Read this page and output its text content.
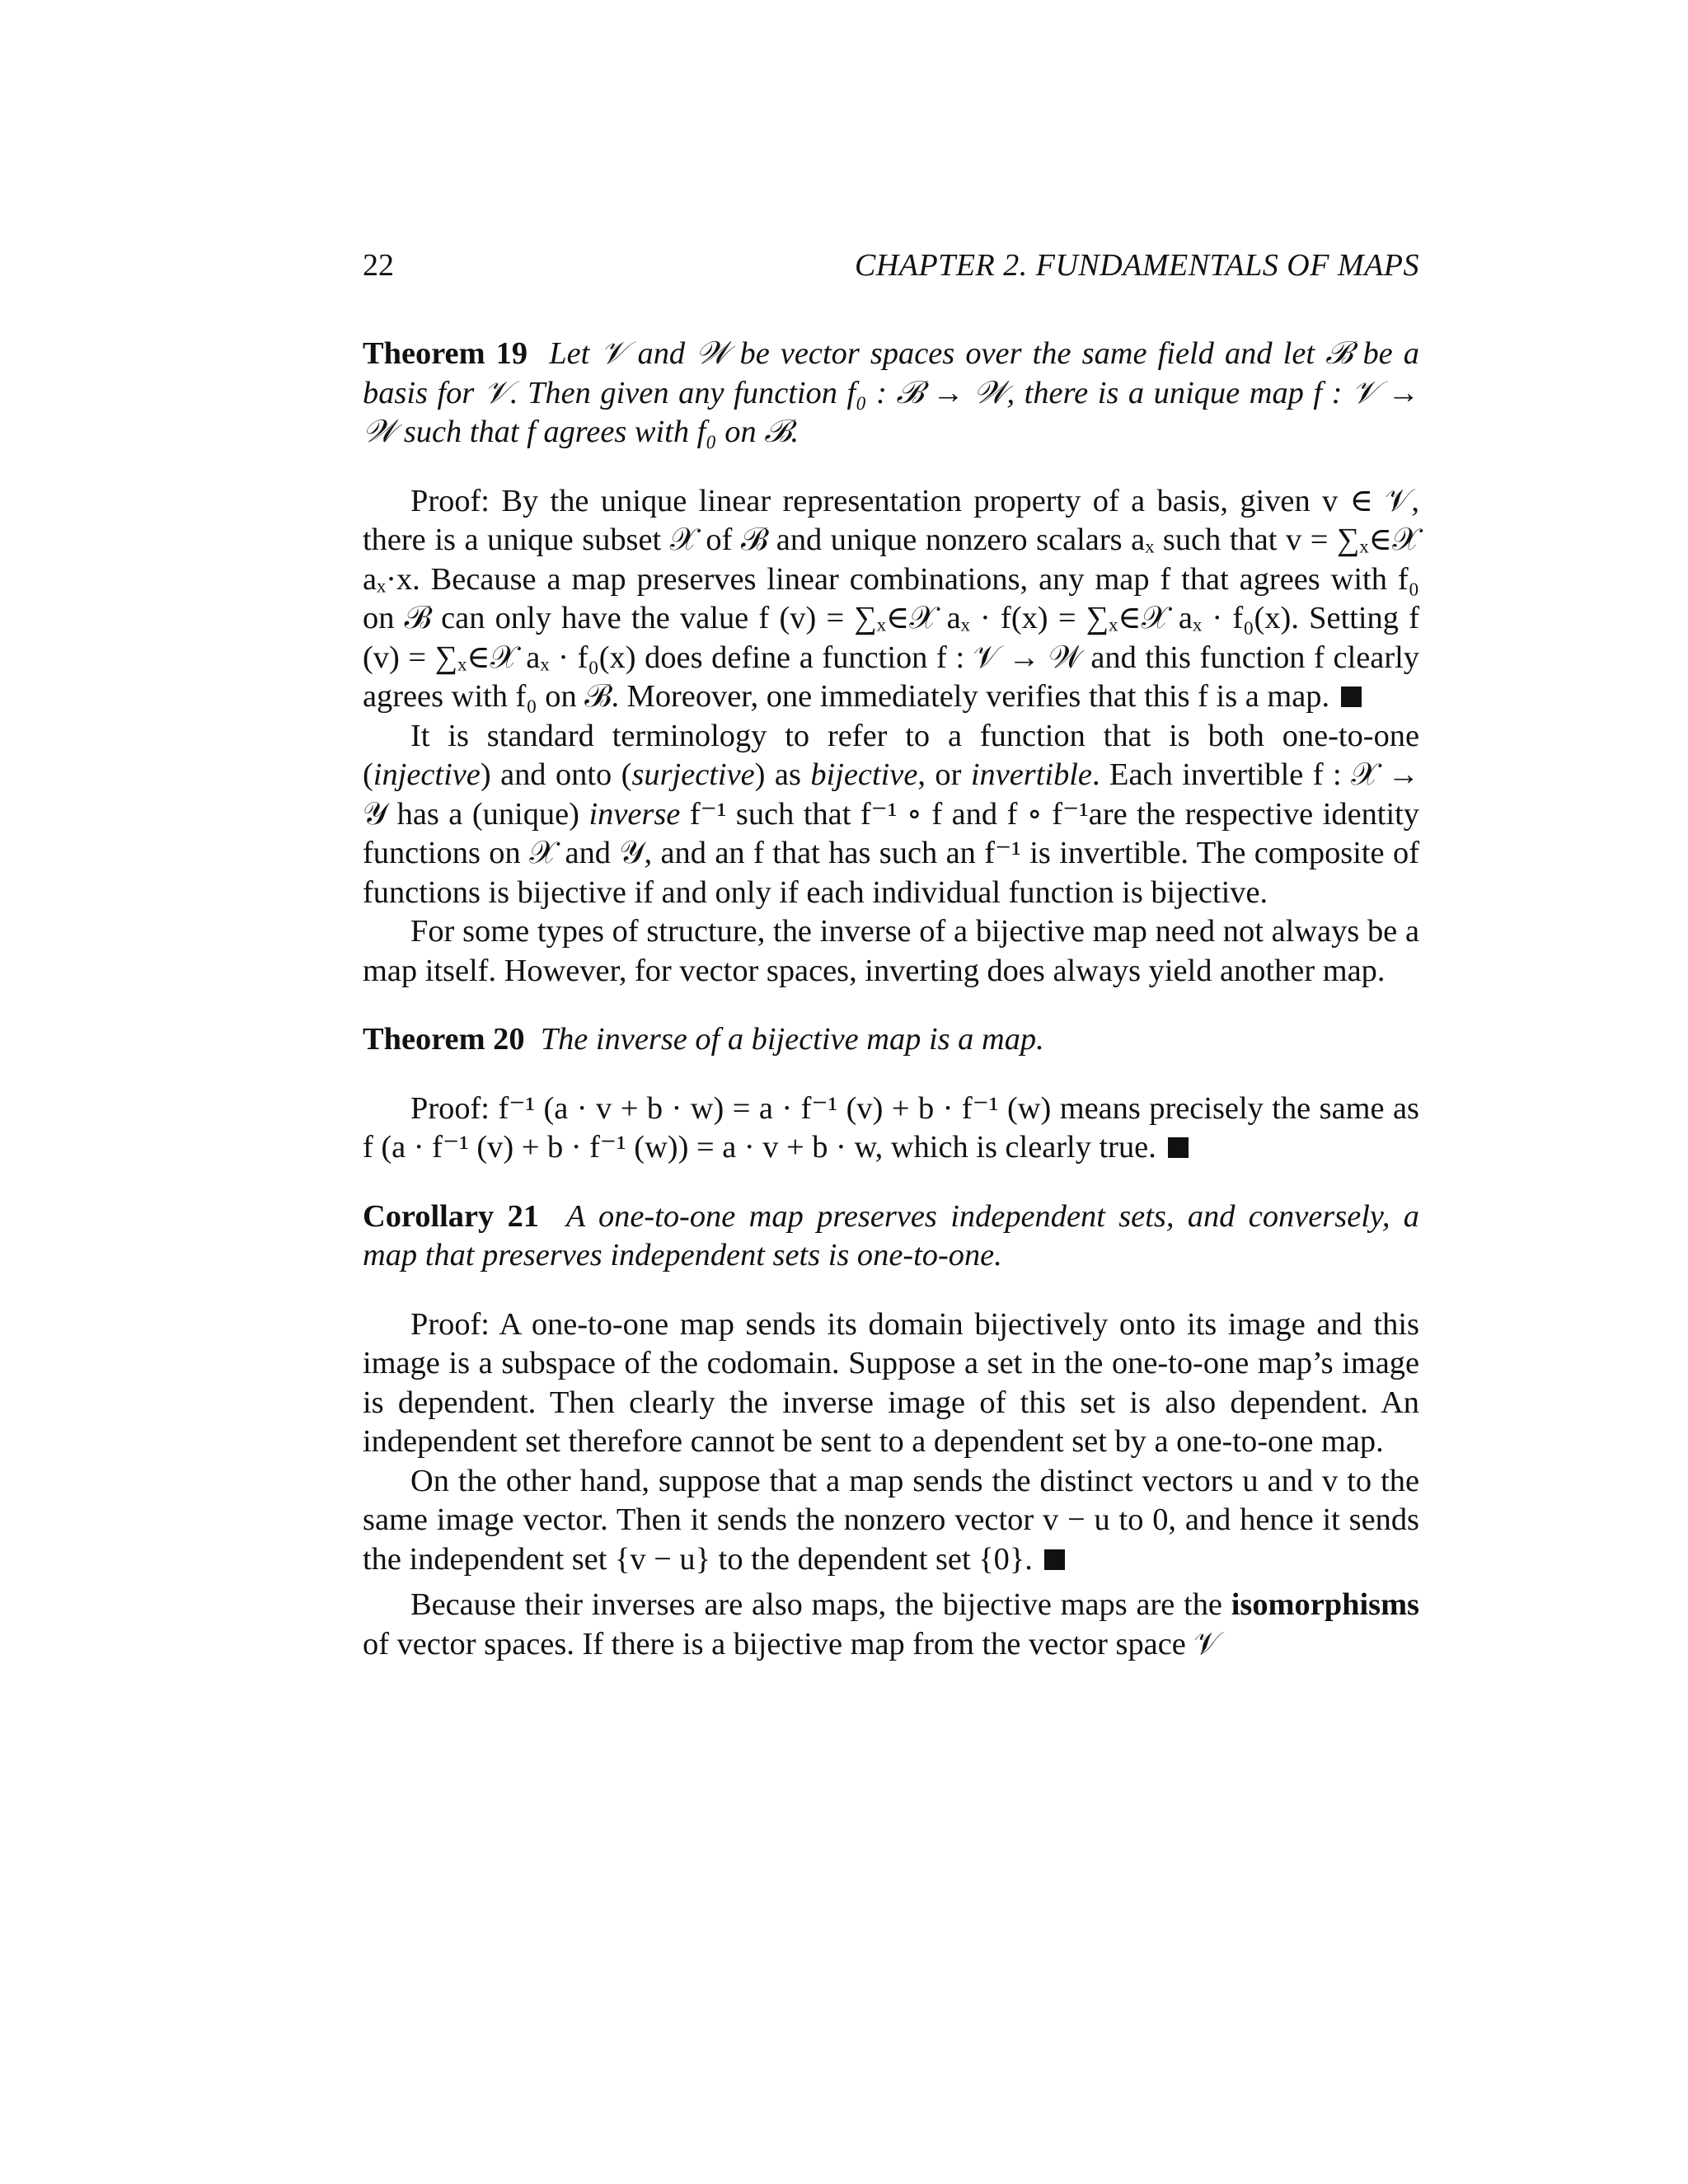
22	CHAPTER 2. FUNDAMENTALS OF MAPS

Theorem 19 Let 𝒱 and 𝒲 be vector spaces over the same field and let ℬ be a basis for 𝒱. Then given any function f₀ : ℬ → 𝒲, there is a unique map f : 𝒱 → 𝒲 such that f agrees with f₀ on ℬ.

Proof: By the unique linear representation property of a basis, given v ∈ 𝒱, there is a unique subset 𝒳 of ℬ and unique nonzero scalars aₓ such that v = ∑ₓ∈𝒳 aₓ·x. Because a map preserves linear combinations, any map f that agrees with f₀ on ℬ can only have the value f (v) = ∑ₓ∈𝒳 aₓ · f(x) = ∑ₓ∈𝒳 aₓ · f₀(x). Setting f (v) = ∑ₓ∈𝒳 aₓ · f₀(x) does define a function f : 𝒱 → 𝒲 and this function f clearly agrees with f₀ on ℬ. Moreover, one immediately verifies that this f is a map.

It is standard terminology to refer to a function that is both one-to-one (injective) and onto (surjective) as bijective, or invertible. Each invertible f : 𝒳 → 𝒴 has a (unique) inverse f⁻¹ such that f⁻¹ ∘ f and f ∘ f⁻¹are the respective identity functions on 𝒳 and 𝒴, and an f that has such an f⁻¹ is invertible. The composite of functions is bijective if and only if each individual function is bijective.

For some types of structure, the inverse of a bijective map need not always be a map itself. However, for vector spaces, inverting does always yield another map.

Theorem 20 The inverse of a bijective map is a map.

Proof: f⁻¹ (a · v + b · w) = a · f⁻¹ (v) + b · f⁻¹ (w) means precisely the same as f (a · f⁻¹ (v) + b · f⁻¹ (w)) = a · v + b · w, which is clearly true.

Corollary 21 A one-to-one map preserves independent sets, and conversely, a map that preserves independent sets is one-to-one.

Proof: A one-to-one map sends its domain bijectively onto its image and this image is a subspace of the codomain. Suppose a set in the one-to-one map’s image is dependent. Then clearly the inverse image of this set is also dependent. An independent set therefore cannot be sent to a dependent set by a one-to-one map.

On the other hand, suppose that a map sends the distinct vectors u and v to the same image vector. Then it sends the nonzero vector v − u to 0, and hence it sends the independent set {v − u} to the dependent set {0}.

Because their inverses are also maps, the bijective maps are the isomorphisms of vector spaces. If there is a bijective map from the vector space 𝒱
